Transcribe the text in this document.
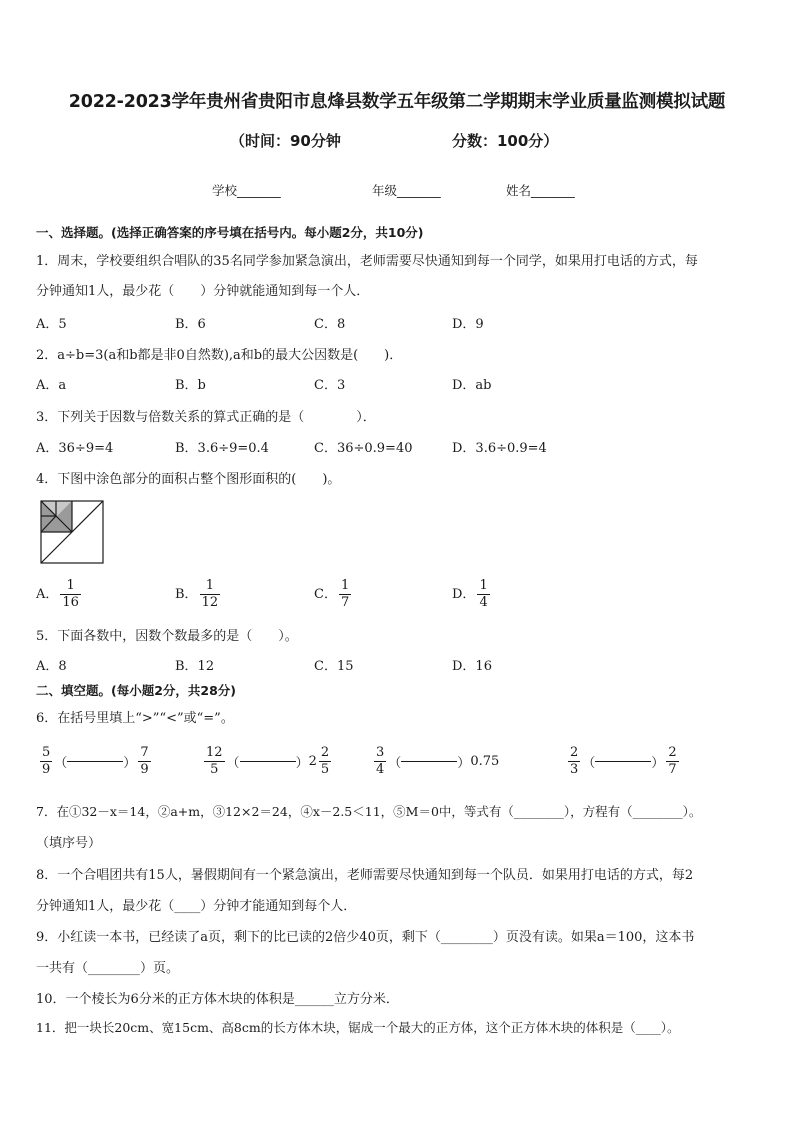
2022-2023学年贵州省贵阳市息烽县数学五年级第二学期期末学业质量监测模拟试题
（时间：90分钟	分数：100分）
学校_______	年级_______	姓名_______
一、选择题。(选择正确答案的序号填在括号内。每小题2分，共10分)
1．周末，学校要组织合唱队的35名同学参加紧急演出，老师需要尽快通知到每一个同学，如果用打电话的方式，每
分钟通知1人，最少花（　　）分钟就能通知到每一个人．
A．5	B．6	C．8	D．9
2．a÷b=3(a和b都是非0自然数),a和b的最大公因数是(　　)．
A．a	B．b	C．3	D．ab
3．下列关于因数与倍数关系的算式正确的是（　　　　）．
A．36÷9=4	B．3.6÷9=0.4	C．36÷0.9=40	D．3.6÷0.9=4
4．下图中涂色部分的面积占整个图形面积的(　　)。
A． $\frac{1}{16}$	B． $\frac{1}{12}$	C． $\frac{1}{7}$	D． $\frac{1}{4}$
5．下面各数中，因数个数最多的是（　　）。
A．8	B．12	C．15	D．16
二、填空题。(每小题2分，共28分)
6．在括号里填上“>”“<”或“=”。
$\frac{5}{9}$ （	） $\frac{7}{9}$	$\frac{12}{5}$ （	）$2 \frac{2}{5}$	$\frac{3}{4}$ （	）0.75	$\frac{2}{3}$ （	） $\frac{2}{7}$
7．在①32－x＝14，②a+m，③12×2＝24，④x－2.5＜11，⑤M＝0中，等式有（________），方程有（________）。
（填序号）
8．一个合唱团共有15人，暑假期间有一个紧急演出，老师需要尽快通知到每一个队员．如果用打电话的方式，每2
分钟通知1人，最少花（____）分钟才能通知到每个人．
9．小红读一本书，已经读了a页，剩下的比已读的2倍少40页，剩下（________）页没有读。如果a＝100，这本书
一共有（________）页。
10．一个棱长为6分米的正方体木块的体积是______立方分米．
11．把一块长20cm、宽15cm、高8cm的长方体木块，锯成一个最大的正方体，这个正方体木块的体积是（____）。
